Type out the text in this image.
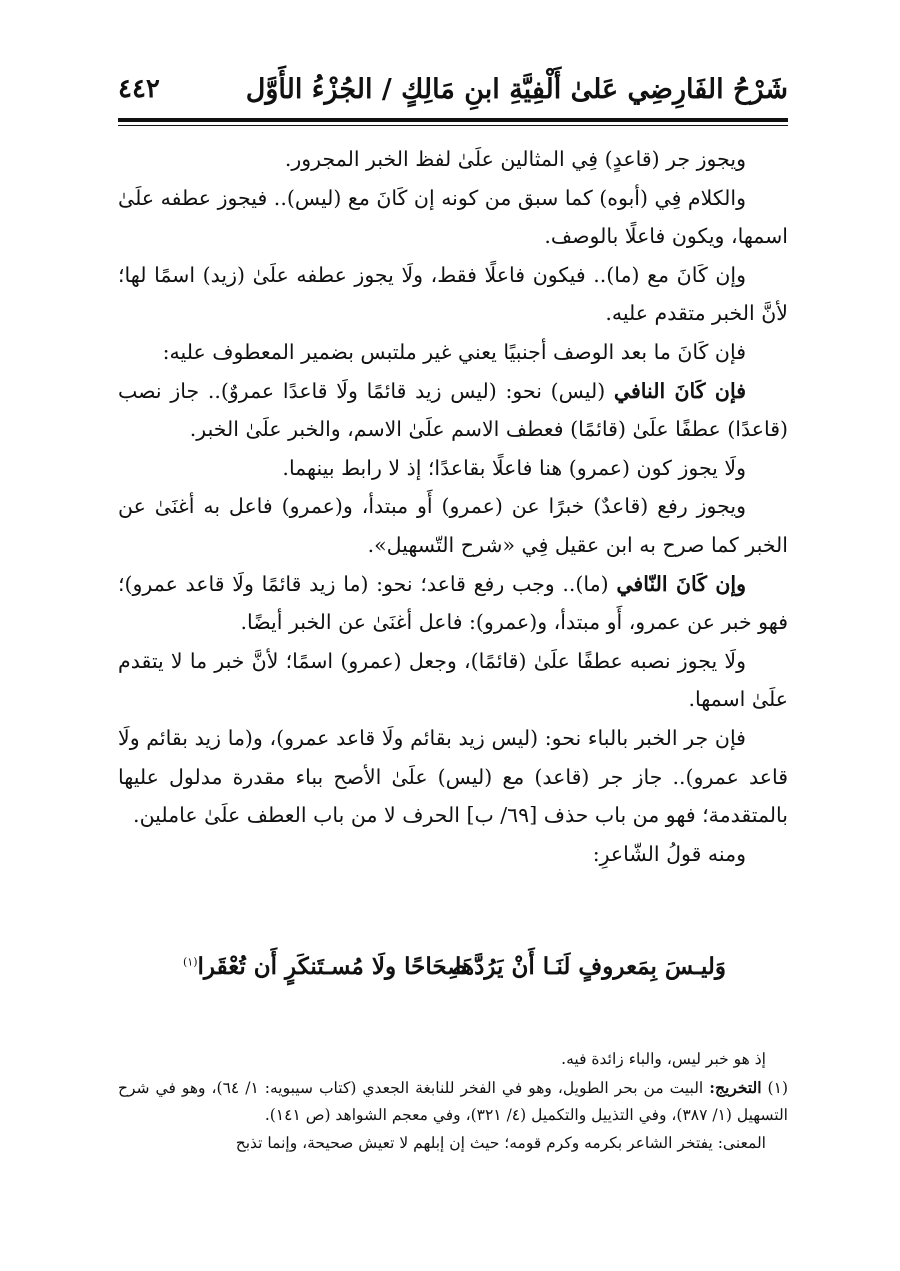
شَرْحُ الفَارِضِي عَلىٰ أَلْفِيَّةِ ابنِ مَالِكٍ / الجُزْءُ الأَوَّل
٤٤٢

ويجوز جر (قاعدٍ) فِي المثالين علَىٰ لفظ الخبر المجرور.

والكلام فِي (أبوه) كما سبق من كونه إن كَانَ مع (ليس).. فيجوز عطفه علَىٰ اسمها، ويكون فاعلًا بالوصف.

وإن كَانَ مع (ما).. فيكون فاعلًا فقط، ولَا يجوز عطفه علَىٰ (زيد) اسمًا لها؛ لأنَّ الخبر متقدم عليه.

فإن كَانَ ما بعد الوصف أجنبيًا يعني غير ملتبس بضمير المعطوف عليه:

فإن كَانَ النافي (ليس) نحو: (ليس زيد قائمًا ولَا قاعدًا عمروٌ).. جاز نصب (قاعدًا) عطفًا علَىٰ (قائمًا) فعطف الاسم علَىٰ الاسم، والخبر علَىٰ الخبر.

ولَا يجوز كون (عمرو) هنا فاعلًا بقاعدًا؛ إذ لا رابط بينهما.

ويجوز رفع (قاعدٌ) خبرًا عن (عمرو) أَو مبتدأ، و(عمرو) فاعل به أغنَىٰ عن الخبر كما صرح به ابن عقيل فِي «شرح التّسهيل».

وإن كَانَ النّافي (ما).. وجب رفع قاعد؛ نحو: (ما زيد قائمًا ولَا قاعد عمرو)؛ فهو خبر عن عمرو، أَو مبتدأ، و(عمرو): فاعل أغنَىٰ عن الخبر أيضًا.

ولَا يجوز نصبه عطفًا علَىٰ (قائمًا)، وجعل (عمرو) اسمًا؛ لأنَّ خبر ما لا يتقدم علَىٰ اسمها.

فإن جر الخبر بالباء نحو: (ليس زيد بقائم ولَا قاعد عمرو)، و(ما زيد بقائم ولَا قاعد عمرو).. جاز جر (قاعد) مع (ليس) علَىٰ الأصح بباء مقدرة مدلول عليها بالمتقدمة؛ فهو من باب حذف [٦٩/ ب] الحرف لا من باب العطف علَىٰ عاملين.

ومنه قولُ الشّاعرِ:

وَليـسَ بِمَعروفٍ لَنَـا أَنْ يَرُدَّهَا
صِحَاحًا ولَا مُسـتَنكَرٍ أَن تُعْقَرا$^{(١)}$

إذ هو خبر ليس، والباء زائدة فيه.

(١) التخريج: البيت من بحر الطويل، وهو في الفخر للنابغة الجعدي (كتاب سيبويه: ١/ ٦٤)، وهو في شرح التسهيل (١/ ٣٨٧)، وفي التذييل والتكميل (٤/ ٣٢١)، وفي معجم الشواهد (ص ١٤١).

المعنى: يفتخر الشاعر بكرمه وكرم قومه؛ حيث إن إبلهم لا تعيش صحيحة، وإنما تذبح
